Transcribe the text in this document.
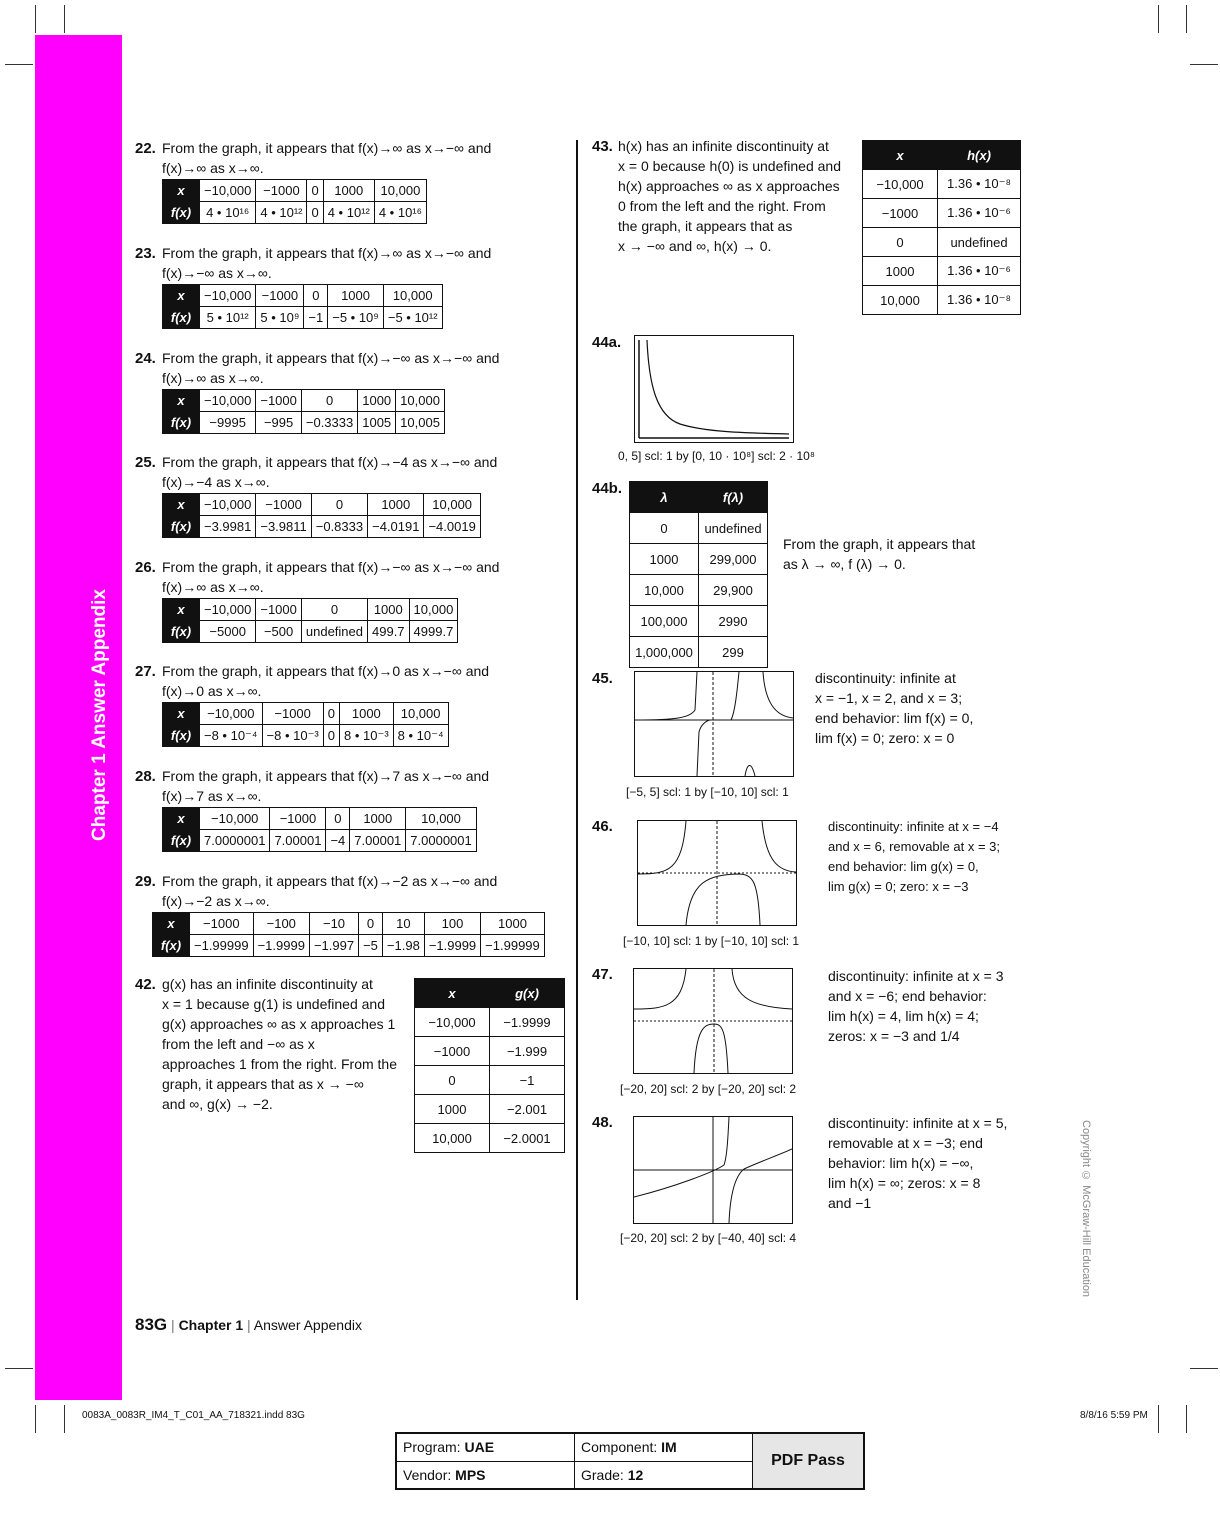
Chapter 1 Answer Appendix
22. From the graph, it appears that f(x)→∞ as x→−∞ and
f(x)→∞ as x→∞.
x	−10,000	−1000	0	1000	10,000
f(x)	4 • 10¹⁶	4 • 10¹²	0	4 • 10¹²	4 • 10¹⁶
23. From the graph, it appears that f(x)→∞ as x→−∞ and
f(x)→−∞ as x→∞.
x	−10,000	−1000	0	1000	10,000
f(x)	5 • 10¹²	5 • 10⁹	−1	−5 • 10⁹	−5 • 10¹²
24. From the graph, it appears that f(x)→−∞ as x→−∞ and
f(x)→∞ as x→∞.
x	−10,000	−1000	0	1000	10,000
f(x)	−9995	−995	−0.3333	1005	10,005
25. From the graph, it appears that f(x)→−4 as x→−∞ and
f(x)→−4 as x→∞.
x	−10,000	−1000	0	1000	10,000
f(x)	−3.9981	−3.9811	−0.8333	−4.0191	−4.0019
26. From the graph, it appears that f(x)→−∞ as x→−∞ and
f(x)→∞ as x→∞.
x	−10,000	−1000	0	1000	10,000
f(x)	−5000	−500	undefined	499.7	4999.7
27. From the graph, it appears that f(x)→0 as x→−∞ and
f(x)→0 as x→∞.
x	−10,000	−1000	0	1000	10,000
f(x)	−8 • 10⁻⁴	−8 • 10⁻³	0	8 • 10⁻³	8 • 10⁻⁴
28. From the graph, it appears that f(x)→7 as x→−∞ and
f(x)→7 as x→∞.
x	−10,000	−1000	0	1000	10,000
f(x)	7.0000001	7.00001	−4	7.00001	7.0000001
29. From the graph, it appears that f(x)→−2 as x→−∞ and
f(x)→−2 as x→∞.
x	−1000	−100	−10	0	10	100	1000
f(x)	−1.99999	−1.9999	−1.997	−5	−1.98	−1.9999	−1.99999
42. g(x) has an infinite discontinuity at
x = 1 because g(1) is undefined and
g(x) approaches ∞ as x approaches 1
from the left and −∞ as x
approaches 1 from the right. From the
graph, it appears that as x → −∞
and ∞, g(x) → −2.
x	g(x)
−10,000	−1.9999
−1000	−1.999
0	−1
1000	−2.001
10,000	−2.0001
43. h(x) has an infinite discontinuity at
x = 0 because h(0) is undefined and
h(x) approaches ∞ as x approaches
0 from the left and the right. From
the graph, it appears that as
x → −∞ and ∞, h(x) → 0.
x	h(x)
−10,000	1.36 • 10⁻⁸
−1000	1.36 • 10⁻⁶
0	undefined
1000	1.36 • 10⁻⁶
10,000	1.36 • 10⁻⁸
44a.
0, 5] scl: 1 by [0, 10 · 10⁸] scl: 2 · 10⁸
44b.	λ	f(λ)
0	undefined
1000	299,000
10,000	29,900
100,000	2990
1,000,000	299
From the graph, it appears that
as λ → ∞, f (λ) → 0.
45.
[−5, 5] scl: 1 by [−10, 10] scl: 1
discontinuity: infinite at
x = −1, x = 2, and x = 3;
end behavior: lim f(x) = 0,
lim f(x) = 0; zero: x = 0
46.
[−10, 10] scl: 1 by [−10, 10] scl: 1
discontinuity: infinite at x = −4
and x = 6, removable at x = 3;
end behavior: lim g(x) = 0,
lim g(x) = 0; zero: x = −3
47.
[−20, 20] scl: 2 by [−20, 20] scl: 2
discontinuity: infinite at x = 3
and x = −6; end behavior:
lim h(x) = 4, lim h(x) = 4;
zeros: x = −3 and 1/4
48.
[−20, 20] scl: 2 by [−40, 40] scl: 4
discontinuity: infinite at x = 5,
removable at x = −3; end
behavior: lim h(x) = −∞,
lim h(x) = ∞; zeros: x = 8
and −1	Copyright © McGraw-Hill Education
83G | Chapter 1 | Answer Appendix
0083A_0083R_IM4_T_C01_AA_718321.indd 83G	8/8/16 5:59 PM
Program: UAE	Component: IM	PDF Pass
Vendor: MPS	Grade: 12	
